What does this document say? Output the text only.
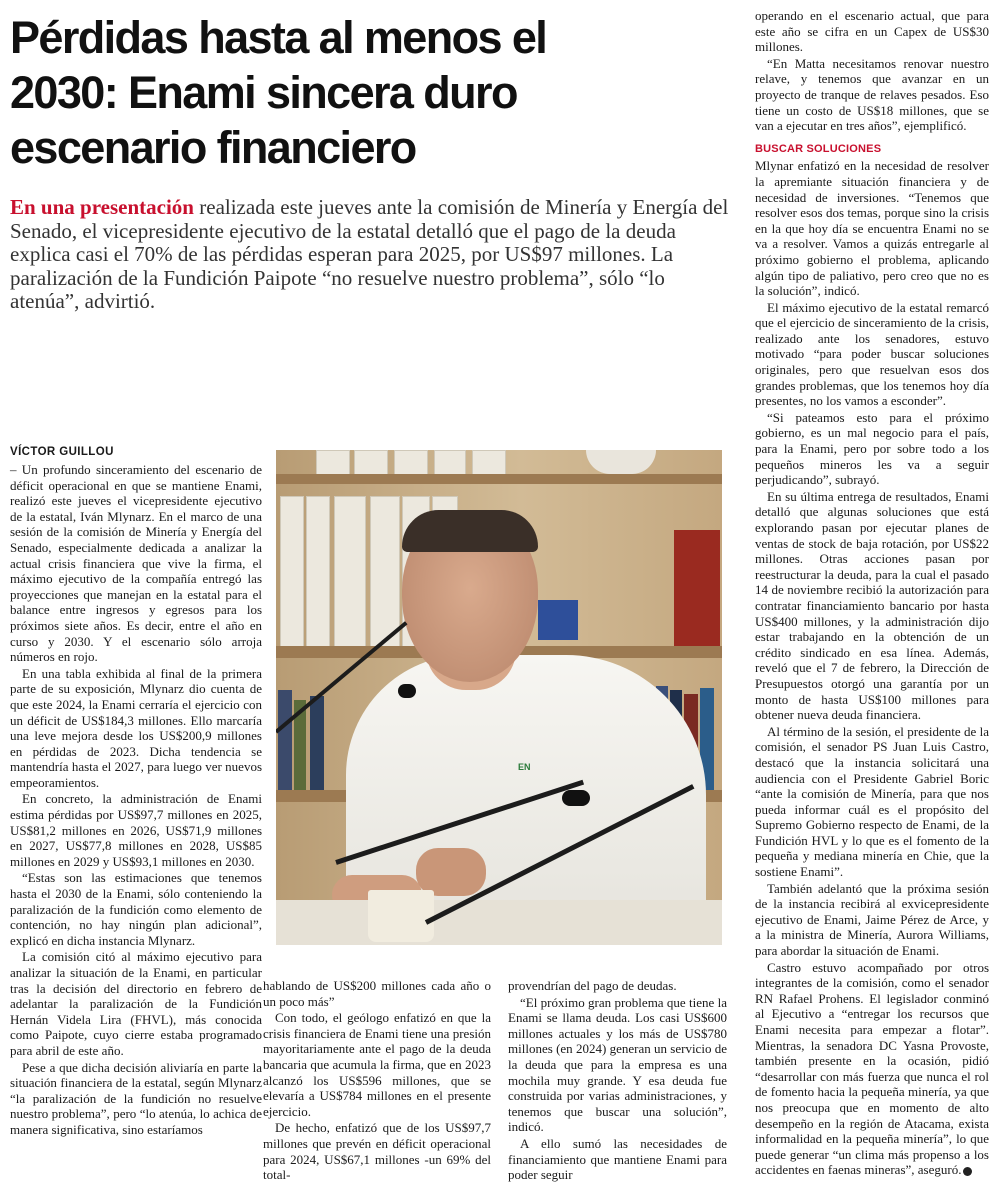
Pérdidas hasta al menos el
2030: Enami sincera duro
escenario financiero
En una presentación realizada este jueves ante la comisión de Minería y Energía del Senado, el vicepresidente ejecutivo de la estatal detalló que el pago de la deuda explica casi el 70% de las pérdidas esperan para 2025, por US$97 millones. La paralización de la Fundición Paipote “no resuelve nuestro problema”, sólo “lo atenúa”, advirtió.
VÍCTOR GUILLOU

– Un profundo sinceramiento del escenario de déficit operacional en que se mantiene Enami, realizó este jueves el vicepresidente ejecutivo de la estatal, Iván Mlynarz. En el marco de una sesión de la comisión de Minería y Energía del Senado, especialmente dedicada a analizar la actual crisis financiera que vive la firma, el máximo ejecutivo de la compañía entregó las proyecciones que manejan en la estatal para el balance entre ingresos y egresos para los próximos siete años. Es decir, entre el año en curso y 2030. Y el escenario sólo arroja números en rojo.

En una tabla exhibida al final de la primera parte de su exposición, Mlynarz dio cuenta de que este 2024, la Enami cerraría el ejercicio con un déficit de US$184,3 millones. Ello marcaría una leve mejora desde los US$200,9 millones en pérdidas de 2023. Dicha tendencia se mantendría hasta el 2027, para luego ver nuevos empeoramientos.

En concreto, la administración de Enami estima pérdidas por US$97,7 millones en 2025, US$81,2 millones en 2026, US$71,9 millones en 2027, US$77,8 millones en 2028, US$85 millones en 2029 y US$93,1 millones en 2030.

“Estas son las estimaciones que tenemos hasta el 2030 de la Enami, sólo conteniendo la paralización de la fundición como elemento de contención, no hay ningún plan adicional”, explicó en dicha instancia Mlynarz.

La comisión citó al máximo ejecutivo para analizar la situación de la Enami, en particular tras la decisión del directorio en febrero de adelantar la paralización de la Fundición Hernán Videla Lira (FHVL), más conocida como Paipote, cuyo cierre estaba programado para abril de este año.

Pese a que dicha decisión aliviaría en parte la situación financiera de la estatal, según Mlynarz “la paralización de la fundición no resuelve nuestro problema”, pero “lo atenúa, lo achica de manera significativa, sino estaríamos

EN

hablando de US$200 millones cada año o un poco más”

Con todo, el geólogo enfatizó en que la crisis financiera de Enami tiene una presión mayoritariamente ante el pago de la deuda bancaria que acumula la firma, que en 2023 alcanzó los US$596 millones, que se elevaría a US$784 millones en el presente ejercicio.

De hecho, enfatizó que de los US$97,7 millones que prevén en déficit operacional para 2024, US$67,1 millones -un 69% del total-

provendrían del pago de deudas.

“El próximo gran problema que tiene la Enami se llama deuda. Los casi US$600 millones actuales y los más de US$780 millones (en 2024) generan un servicio de la deuda que para la empresa es una mochila muy grande. Y esa deuda fue construida por varias administraciones, y tenemos que buscar una solución”, indicó.

A ello sumó las necesidades de financiamiento que mantiene Enami para poder seguir

operando en el escenario actual, que para este año se cifra en un Capex de US$30 millones.

“En Matta necesitamos renovar nuestro relave, y tenemos que avanzar en un proyecto de tranque de relaves pesados. Eso tiene un costo de US$18 millones, que se van a ejecutar en tres años”, ejemplificó.

BUSCAR SOLUCIONES

Mlynar enfatizó en la necesidad de resolver la apremiante situación financiera y de necesidad de inversiones. “Tenemos que resolver esos dos temas, porque sino la crisis en la que hoy día se encuentra Enami no se va a resolver. Vamos a quizás entregarle al próximo gobierno el problema, aplicando algún tipo de paliativo, pero creo que no es la solución”, indicó.

El máximo ejecutivo de la estatal remarcó que el ejercicio de sinceramiento de la crisis, realizado ante los senadores, estuvo motivado “para poder buscar soluciones originales, pero que resuelvan esos dos grandes problemas, que los tenemos hoy día presentes, no los vamos a esconder”.

“Si pateamos esto para el próximo gobierno, es un mal negocio para el país, para la Enami, pero por sobre todo a los pequeños mineros les va a seguir perjudicando”, subrayó.

En su última entrega de resultados, Enami detalló que algunas soluciones que está explorando pasan por ejecutar planes de ventas de stock de baja rotación, por US$22 millones. Otras acciones pasan por reestructurar la deuda, para la cual el pasado 14 de noviembre recibió la autorización para contratar financiamiento bancario por hasta US$400 millones, y la administración dijo estar trabajando en la obtención de un crédito sindicado en esa línea. Además, reveló que el 7 de febrero, la Dirección de Presupuestos otorgó una garantía por un monto de hasta US$100 millones para obtener nueva deuda financiera.

Al término de la sesión, el presidente de la comisión, el senador PS Juan Luis Castro, destacó que la instancia solicitará una audiencia con el Presidente Gabriel Boric “ante la comisión de Minería, para que nos pueda informar cuál es el propósito del Supremo Gobierno respecto de Enami, de la Fundición HVL y lo que es el fomento de la pequeña y mediana minería en Chie, que la sostiene Enami”.

También adelantó que la próxima sesión de la instancia recibirá al exvicepresidente ejecutivo de Enami, Jaime Pérez de Arce, y a la ministra de Minería, Aurora Williams, para abordar la situación de Enami.

Castro estuvo acompañado por otros integrantes de la comisión, como el senador RN Rafael Prohens. El legislador conminó al Ejecutivo a “entregar los recursos que Enami necesita para empezar a flotar”. Mientras, la senadora DC Yasna Provoste, también presente en la ocasión, pidió “desarrollar con más fuerza que nunca el rol de fomento hacia la pequeña minería, ya que nos preocupa que en momento de alto desempeño en la región de Atacama, exista informalidad en la pequeña minería”, lo que puede generar “un clima más propenso a los accidentes en faenas mineras”, aseguró.
